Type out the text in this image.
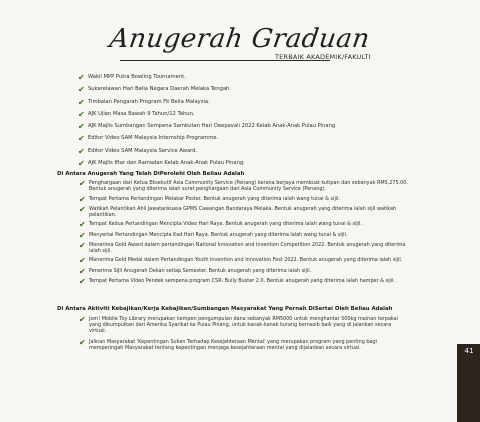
Anugerah Graduan
TERBAIK AKADEMIK/FAKULTI
✔ Wakil MPP Putra Bowling Tournament.
✔ Sukarelawan Hari Belia Negara Daerah Melaka Tengah.
✔ Timbalan Pengarah Program Fit Belia Malaysia.
✔ AJK Ujian Masa Bawah 9 Tahun/12 Tahun.
✔ AJK Majlis Sumbangan Sempena Sambutan Hari Deepavali 2022 Kelab Anak-Anak Pulau Pinang.
✔ Editor Video SAM Malaysia Internship Programme.
✔ Editor Video SAM Malaysia Service Award.
✔ AJK Majlis Iftar dan Ramadan Kelab Anak-Anak Pulau Pinang.
Di Antara Anugerah Yang Telah DiPerolehi Oleh Beliau Adalah
✔ Penghargaan dari Ketua Eksekutif Asia Community Service (Penang) kerana berjaya membuat kutipan dan sebanyak RM5,275.00. Bentuk anugerah yang diterima ialah surat penghargaan dari Asia Community Service (Penang).
✔ Tempat Pertama Pertandingan Melakar Poster. Bentuk anugerah yang diterima ialah wang tunai & sijil.
✔ Watikah Pelantikan Ahli Jawatankuasa GPMS Cawangan Bandaraya Melaka. Bentuk anugerah yang diterima ialah sijil watikah pelantikan.
✔ Tempat Kedua Pertandingan Mencipta Video Hari Raya. Bentuk anugerah yang diterima ialah wang tunai & sijil.
✔ Menyertai Pertandingan Mencipta Kad Hari Raya. Bentuk anugerah yang diterima ialah wang tunai & sijil.
✔ Menerima Gold Award dalam pertandingan National Innovation and Invention Competition 2022. Bentuk anugerah yang diterima ialah sijil.
✔ Menerima Gold Medal dalam Pertandingan Youth Invention and Innovation Fest 2022. Bentuk anugerah yang diterima ialah sijil.
✔ Penerima Sijil Anugerah Dekan setiap Semester. Bentuk anugerah yang diterima ialah sijil.
✔ Tempat Pertama Video Pendek sempena program CSR: Bully Buster 2.0. Bentuk anugerah yang diterima ialah hamper & sijil.
Di Antara Aktiviti Kebajikan/Kerja Kebajikan/Sumbangan Masyarakat Yang Pernah DiSertai Oleh Beliau Adalah
✔ Jom! Mobile Toy Library merupakan kempen pengumpulan dana sebanyak RM5000 untuk menghantar 500kg mainan terpakai yang dikumpulkan dari Amerika Syarikat ke Pulau Pinang, untuk kanak-kanak kurang bernasib baik yang di jalankan secara virtual.
✔ Jalinan Masyarakat 'Kepentingan Sukan Terhadap Kesejahteraan Mental' yang merupakan program yang penting bagi memperingati Masyarakat tentang kepentingan menjaga kesejahteraan mental yang dijalankan secara virtual.	41
